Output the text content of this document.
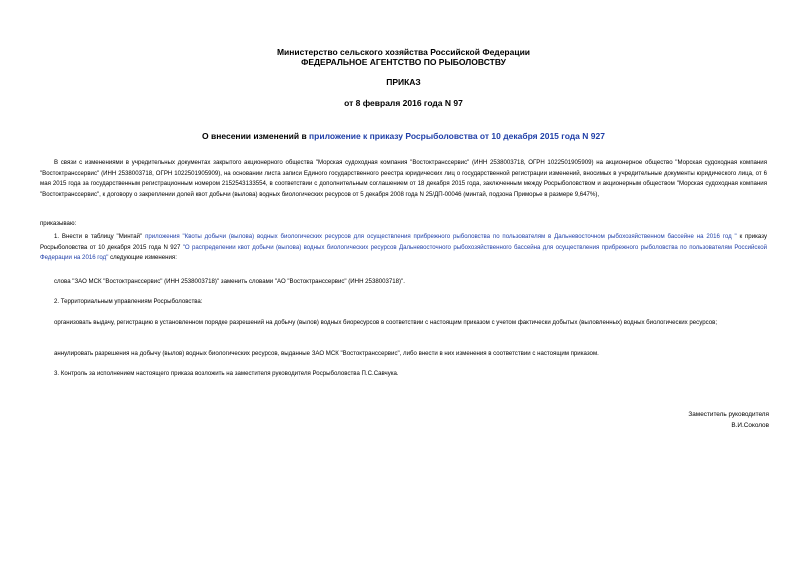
Министерство сельского хозяйства Российской Федерации
ФЕДЕРАЛЬНОЕ АГЕНТСТВО ПО РЫБОЛОВСТВУ
ПРИКАЗ
от 8 февраля 2016 года N 97
О внесении изменений в приложение к приказу Росрыболовства от 10 декабря 2015 года N 927
В связи с изменениями в учредительных документах закрытого акционерного общества "Морская судоходная компания "Востоктранссервис" (ИНН 2538003718, ОГРН 1022501905909) на акционерное общество "Морская судоходная компания "Востоктранссервис" (ИНН 2538003718, ОГРН 1022501905909), на основании листа записи Единого государственного реестра юридических лиц о государственной регистрации изменений, вносимых в учредительные документы юридического лица, от 6 мая 2015 года за государственным регистрационным номером 2152543133554, в соответствии с дополнительным соглашением от 18 декабря 2015 года, заключенным между Росрыболовством и акционерным обществом "Морская судоходная компания "Востоктранссервис", к договору о закреплении долей квот добычи (вылова) водных биологических ресурсов от 5 декабря 2008 года N 25/ДП-00046 (минтай, подзона Приморье в размере 9,647%),
приказываю:
1. Внести в таблицу "Минтай" приложения "Квоты добычи (вылова) водных биологических ресурсов для осуществления прибрежного рыболовства по пользователям в Дальневосточном рыбохозяйственном бассейне на 2016 год " к приказу Росрыболовства от 10 декабря 2015 года N 927 "О распределении квот добычи (вылова) водных биологических ресурсов Дальневосточного рыбохозяйственного бассейна для осуществления прибрежного рыболовства по пользователям Российской Федерации на 2016 год" следующие изменения:
слова "ЗАО МСК "Востоктранссервис" (ИНН 2538003718)" заменить словами "АО "Востоктранссервис" (ИНН 2538003718)".
2. Территориальным управлениям Росрыболовства:
организовать выдачу, регистрацию в установленном порядке разрешений на добычу (вылов) водных биоресурсов в соответствии с настоящим приказом с учетом фактически добытых (выловленных) водных биологических ресурсов;
аннулировать разрешения на добычу (вылов) водных биологических ресурсов, выданные ЗАО МСК "Востоктранссервис", либо внести в них изменения в соответствии с настоящим приказом.
3. Контроль за исполнением настоящего приказа возложить на заместителя руководителя Росрыболовства П.С.Савчука.
Заместитель руководителя
В.И.Соколов
